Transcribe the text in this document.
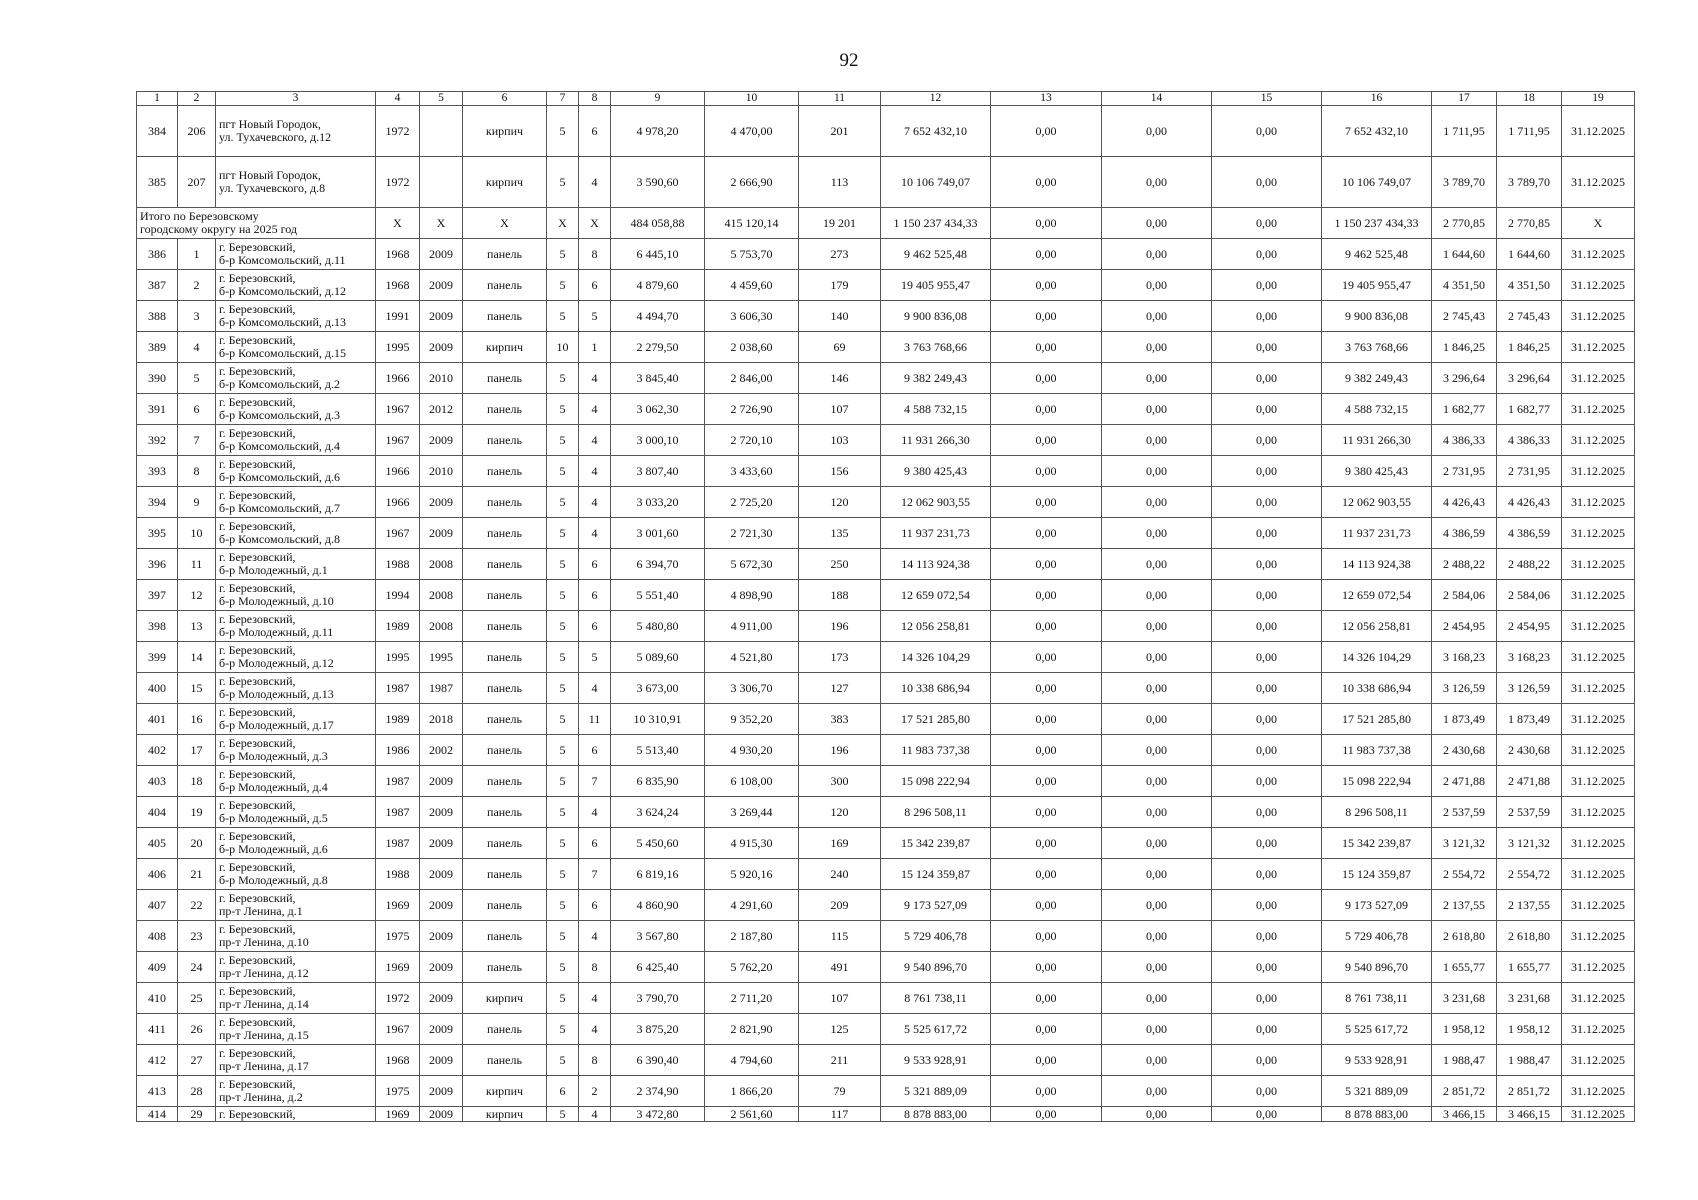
92
1	2	3	4	5	6	7	8	9	10	11	12	13	14	15	16	17	18	19
384	206	пгт Новый Городок,
ул. Тухачевского, д.12	1972		кирпич	5	6	4 978,20	4 470,00	201	7 652 432,10	0,00	0,00	0,00	7 652 432,10	1 711,95	1 711,95	31.12.2025
385	207	пгт Новый Городок,
ул. Тухачевского, д.8	1972		кирпич	5	4	3 590,60	2 666,90	113	10 106 749,07	0,00	0,00	0,00	10 106 749,07	3 789,70	3 789,70	31.12.2025

Итого по Березовскому
городскому округу на 2025 год			X	X	X	X	X	484 058,88	415 120,14	19 201	1 150 237 434,33	0,00	0,00	0,00	1 150 237 434,33	2 770,85	2 770,85	X
386	1	г. Березовский,
б-р Комсомольский, д.11	1968	2009	панель	5	8	6 445,10	5 753,70	273	9 462 525,48	0,00	0,00	0,00	9 462 525,48	1 644,60	1 644,60	31.12.2025
387	2	г. Березовский,
б-р Комсомольский, д.12	1968	2009	панель	5	6	4 879,60	4 459,60	179	19 405 955,47	0,00	0,00	0,00	19 405 955,47	4 351,50	4 351,50	31.12.2025
388	3	г. Березовский,
б-р Комсомольский, д.13	1991	2009	панель	5	5	4 494,70	3 606,30	140	9 900 836,08	0,00	0,00	0,00	9 900 836,08	2 745,43	2 745,43	31.12.2025
389	4	г. Березовский,
б-р Комсомольский, д.15	1995	2009	кирпич	10	1	2 279,50	2 038,60	69	3 763 768,66	0,00	0,00	0,00	3 763 768,66	1 846,25	1 846,25	31.12.2025
390	5	г. Березовский,
б-р Комсомольский, д.2	1966	2010	панель	5	4	3 845,40	2 846,00	146	9 382 249,43	0,00	0,00	0,00	9 382 249,43	3 296,64	3 296,64	31.12.2025
391	6	г. Березовский,
б-р Комсомольский, д.3	1967	2012	панель	5	4	3 062,30	2 726,90	107	4 588 732,15	0,00	0,00	0,00	4 588 732,15	1 682,77	1 682,77	31.12.2025
392	7	г. Березовский,
б-р Комсомольский, д.4	1967	2009	панель	5	4	3 000,10	2 720,10	103	11 931 266,30	0,00	0,00	0,00	11 931 266,30	4 386,33	4 386,33	31.12.2025
393	8	г. Березовский,
б-р Комсомольский, д.6	1966	2010	панель	5	4	3 807,40	3 433,60	156	9 380 425,43	0,00	0,00	0,00	9 380 425,43	2 731,95	2 731,95	31.12.2025
394	9	г. Березовский,
б-р Комсомольский, д.7	1966	2009	панель	5	4	3 033,20	2 725,20	120	12 062 903,55	0,00	0,00	0,00	12 062 903,55	4 426,43	4 426,43	31.12.2025
395	10	г. Березовский,
б-р Комсомольский, д.8	1967	2009	панель	5	4	3 001,60	2 721,30	135	11 937 231,73	0,00	0,00	0,00	11 937 231,73	4 386,59	4 386,59	31.12.2025
396	11	г. Березовский,
б-р Молодежный, д.1	1988	2008	панель	5	6	6 394,70	5 672,30	250	14 113 924,38	0,00	0,00	0,00	14 113 924,38	2 488,22	2 488,22	31.12.2025
397	12	г. Березовский,
б-р Молодежный, д.10	1994	2008	панель	5	6	5 551,40	4 898,90	188	12 659 072,54	0,00	0,00	0,00	12 659 072,54	2 584,06	2 584,06	31.12.2025
398	13	г. Березовский,
б-р Молодежный, д.11	1989	2008	панель	5	6	5 480,80	4 911,00	196	12 056 258,81	0,00	0,00	0,00	12 056 258,81	2 454,95	2 454,95	31.12.2025
399	14	г. Березовский,
б-р Молодежный, д.12	1995	1995	панель	5	5	5 089,60	4 521,80	173	14 326 104,29	0,00	0,00	0,00	14 326 104,29	3 168,23	3 168,23	31.12.2025
400	15	г. Березовский,
б-р Молодежный, д.13	1987	1987	панель	5	4	3 673,00	3 306,70	127	10 338 686,94	0,00	0,00	0,00	10 338 686,94	3 126,59	3 126,59	31.12.2025
401	16	г. Березовский,
б-р Молодежный, д.17	1989	2018	панель	5	11	10 310,91	9 352,20	383	17 521 285,80	0,00	0,00	0,00	17 521 285,80	1 873,49	1 873,49	31.12.2025
402	17	г. Березовский,
б-р Молодежный, д.3	1986	2002	панель	5	6	5 513,40	4 930,20	196	11 983 737,38	0,00	0,00	0,00	11 983 737,38	2 430,68	2 430,68	31.12.2025
403	18	г. Березовский,
б-р Молодежный, д.4	1987	2009	панель	5	7	6 835,90	6 108,00	300	15 098 222,94	0,00	0,00	0,00	15 098 222,94	2 471,88	2 471,88	31.12.2025
404	19	г. Березовский,
б-р Молодежный, д.5	1987	2009	панель	5	4	3 624,24	3 269,44	120	8 296 508,11	0,00	0,00	0,00	8 296 508,11	2 537,59	2 537,59	31.12.2025
405	20	г. Березовский,
б-р Молодежный, д.6	1987	2009	панель	5	6	5 450,60	4 915,30	169	15 342 239,87	0,00	0,00	0,00	15 342 239,87	3 121,32	3 121,32	31.12.2025
406	21	г. Березовский,
б-р Молодежный, д.8	1988	2009	панель	5	7	6 819,16	5 920,16	240	15 124 359,87	0,00	0,00	0,00	15 124 359,87	2 554,72	2 554,72	31.12.2025
407	22	г. Березовский,
пр-т Ленина, д.1	1969	2009	панель	5	6	4 860,90	4 291,60	209	9 173 527,09	0,00	0,00	0,00	9 173 527,09	2 137,55	2 137,55	31.12.2025
408	23	г. Березовский,
пр-т Ленина, д.10	1975	2009	панель	5	4	3 567,80	2 187,80	115	5 729 406,78	0,00	0,00	0,00	5 729 406,78	2 618,80	2 618,80	31.12.2025
409	24	г. Березовский,
пр-т Ленина, д.12	1969	2009	панель	5	8	6 425,40	5 762,20	491	9 540 896,70	0,00	0,00	0,00	9 540 896,70	1 655,77	1 655,77	31.12.2025
410	25	г. Березовский,
пр-т Ленина, д.14	1972	2009	кирпич	5	4	3 790,70	2 711,20	107	8 761 738,11	0,00	0,00	0,00	8 761 738,11	3 231,68	3 231,68	31.12.2025
411	26	г. Березовский,
пр-т Ленина, д.15	1967	2009	панель	5	4	3 875,20	2 821,90	125	5 525 617,72	0,00	0,00	0,00	5 525 617,72	1 958,12	1 958,12	31.12.2025
412	27	г. Березовский,
пр-т Ленина, д.17	1968	2009	панель	5	8	6 390,40	4 794,60	211	9 533 928,91	0,00	0,00	0,00	9 533 928,91	1 988,47	1 988,47	31.12.2025
413	28	г. Березовский,
пр-т Ленина, д.2	1975	2009	кирпич	6	2	2 374,90	1 866,20	79	5 321 889,09	0,00	0,00	0,00	5 321 889,09	2 851,72	2 851,72	31.12.2025
414	29	г. Березовский,	1969	2009	кирпич	5	4	3 472,80	2 561,60	117	8 878 883,00	0,00	0,00	0,00	8 878 883,00	3 466,15	3 466,15	31.12.2025
